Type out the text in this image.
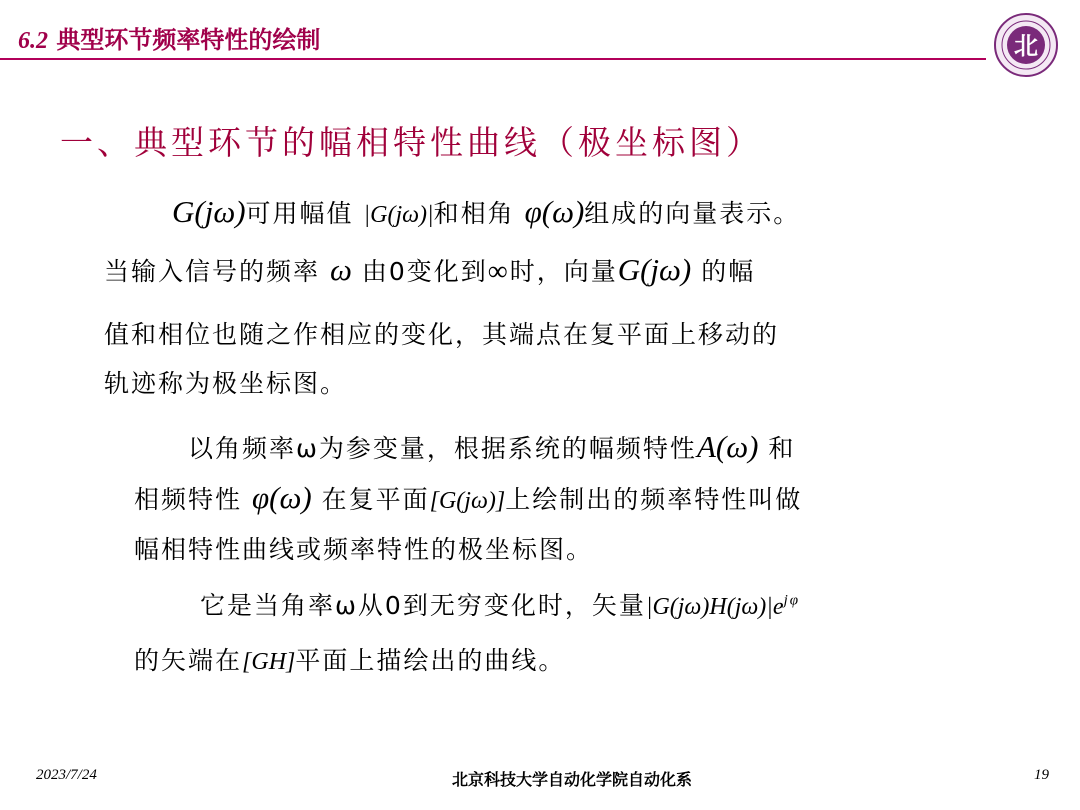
6.2 典型环节频率特性的绘制	北
一、典型环节的幅相特性曲线（极坐标图）
G(jω)可用幅值 |G(jω)|和相角 φ(ω)组成的向量表示。
当输入信号的频率 ω 由0变化到∞时，向量G(jω) 的幅
值和相位也随之作相应的变化，其端点在复平面上移动的
轨迹称为极坐标图。
以角频率ω为参变量，根据系统的幅频特性A(ω) 和
相频特性 φ(ω) 在复平面[G(jω)]上绘制出的频率特性叫做
幅相特性曲线或频率特性的极坐标图。
它是当角率ω从0到无穷变化时，矢量$|G(j\omega)H(j\omega)|e^{j\varphi}$
的矢端在[GH]平面上描绘出的曲线。
2023/7/24	北京科技大学自动化学院自动化系	19
